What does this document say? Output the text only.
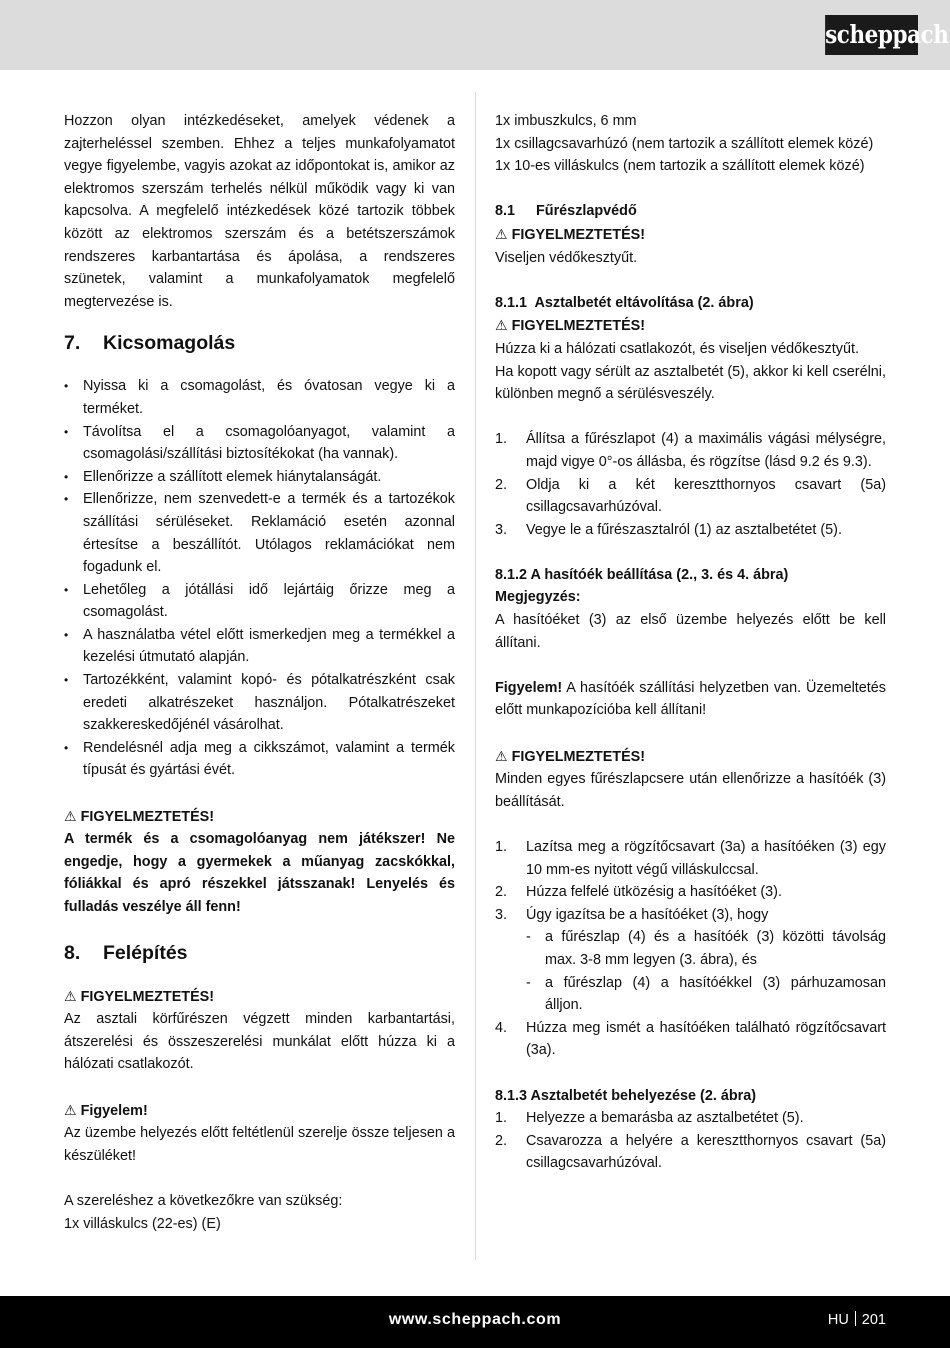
scheppach

Hozzon olyan intézkedéseket, amelyek védenek a zajterheléssel szemben. Ehhez a teljes munkafolyamatot vegye figyelembe, vagyis azokat az időpontokat is, amikor az elektromos szerszám terhelés nélkül működik vagy ki van kapcsolva. A megfelelő intézkedések közé tartozik többek között az elektromos szerszám és a betétszerszámok rendszeres karbantartása és ápolása, a rendszeres szünetek, valamint a munkafolyamatok megfelelő megtervezése is.

7. Kicsomagolás
• Nyissa ki a csomagolást, és óvatosan vegye ki a terméket.
• Távolítsa el a csomagolóanyagot, valamint a csomagolási/szállítási biztosítékokat (ha vannak).
• Ellenőrizze a szállított elemek hiánytalanságát.
• Ellenőrizze, nem szenvedett-e a termék és a tartozékok szállítási sérüléseket. Reklamáció esetén azonnal értesítse a beszállítót. Utólagos reklamációkat nem fogadunk el.
• Lehetőleg a jótállási idő lejártáig őrizze meg a csomagolást.
• A használatba vétel előtt ismerkedjen meg a termékkel a kezelési útmutató alapján.
• Tartozékként, valamint kopó- és pótalkatrészként csak eredeti alkatrészeket használjon. Pótalkatrészeket szakkereskedőjénél vásárolhat.
• Rendelésnél adja meg a cikkszámot, valamint a termék típusát és gyártási évét.

⚠ FIGYELMEZTETÉS!

A termék és a csomagolóanyag nem játékszer! Ne engedje, hogy a gyermekek a műanyag zacskókkal, fóliákkal és apró részekkel játsszanak! Lenyelés és fulladás veszélye áll fenn!

8. Felépítés

⚠ FIGYELMEZTETÉS!

Az asztali körfűrészen végzett minden karbantartási, átszerelési és összeszerelési munkálat előtt húzza ki a hálózati csatlakozót.

⚠ Figyelem!

Az üzembe helyezés előtt feltétlenül szerelje össze teljesen a készüléket!

A szereléshez a következőkre van szükség:

1x villáskulcs (22-es) (E)

1x imbuszkulcs, 6 mm

1x csillagcsavarhúzó (nem tartozik a szállított elemek közé)

1x 10-es villáskulcs (nem tartozik a szállított elemek közé)

8.1 Fűrészlapvédő

⚠ FIGYELMEZTETÉS!

Viseljen védőkesztyűt.

8.1.1 Asztalbetét eltávolítása (2. ábra)

⚠ FIGYELMEZTETÉS!

Húzza ki a hálózati csatlakozót, és viseljen védőkesztyűt.

Ha kopott vagy sérült az asztalbetét (5), akkor ki kell cserélni, különben megnő a sérülésveszély.

1. Állítsa a fűrészlapot (4) a maximális vágási mélységre, majd vigye 0°-os állásba, és rögzítse (lásd 9.2 és 9.3).
2. Oldja ki a két keresztthornyos csavart (5a) csillagcsavarhúzóval.
3. Vegye le a fűrészasztalról (1) az asztalbetétet (5).

8.1.2 A hasítóék beállítása (2., 3. és 4. ábra)

Megjegyzés:

A hasítóéket (3) az első üzembe helyezés előtt be kell állítani.

Figyelem! A hasítóék szállítási helyzetben van. Üzemeltetés előtt munkapozícióba kell állítani!

⚠ FIGYELMEZTETÉS!

Minden egyes fűrészlapcsere után ellenőrizze a hasítóék (3) beállítását.

1. Lazítsa meg a rögzítőcsavart (3a) a hasítóéken (3) egy 10 mm-es nyitott végű villáskulccsal.
2. Húzza felfelé ütközésig a hasítóéket (3).
3. Úgy igazítsa be a hasítóéket (3), hogy
- a fűrészlap (4) és a hasítóék (3) közötti távolság max. 3-8 mm legyen (3. ábra), és
- a fűrészlap (4) a hasítóékkel (3) párhuzamosan álljon.
4. Húzza meg ismét a hasítóéken található rögzítőcsavart (3a).

8.1.3 Asztalbetét behelyezése (2. ábra)

1. Helyezze a bemarásba az asztalbetétet (5).
2. Csavarozza a helyére a keresztthornyos csavart (5a) csillagcsavarhúzóval.
www.scheppach.com	HU 201
